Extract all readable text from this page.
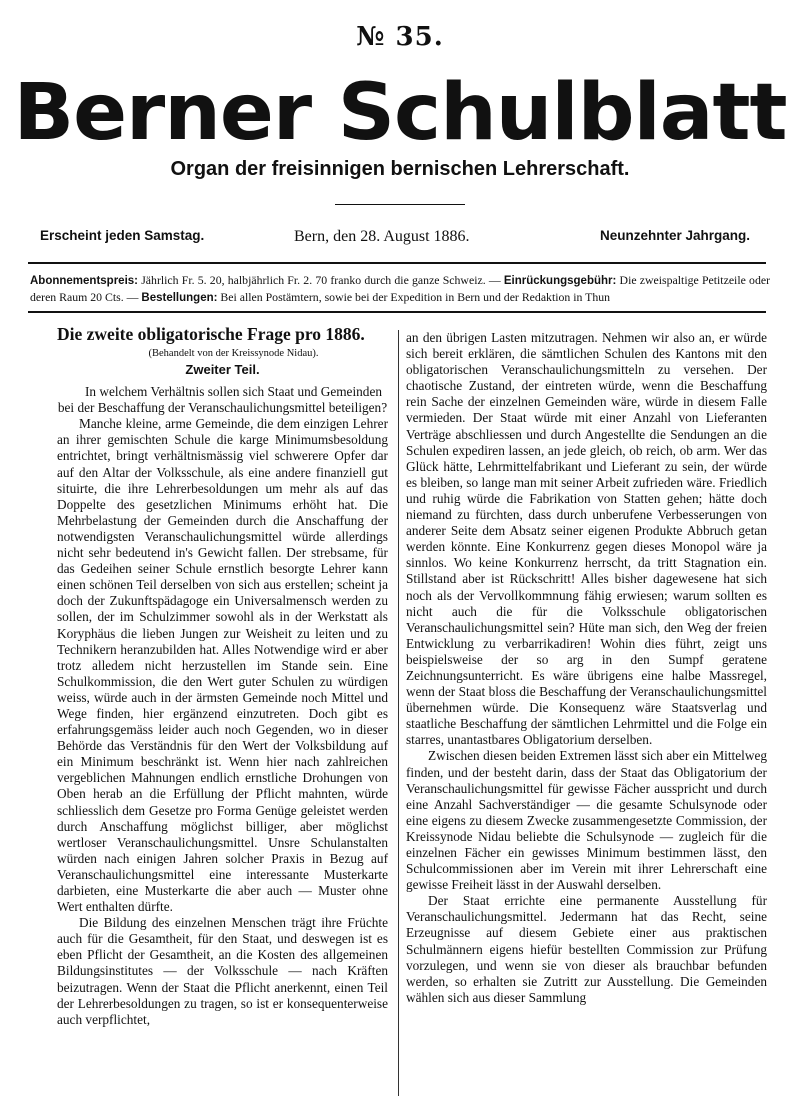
№ 35.
Berner Schulblatt
Organ der freisinnigen bernischen Lehrerschaft.
Erscheint jeden Samstag.	Bern, den 28. August 1886.	Neunzehnter Jahrgang.
Abonnementspreis: Jährlich Fr. 5. 20, halbjährlich Fr. 2. 70 franko durch die ganze Schweiz. — Einrückungsgebühr: Die zweispaltige Petitzeile oder deren Raum 20 Cts. — Bestellungen: Bei allen Postämtern, sowie bei der Expedition in Bern und der Redaktion in Thun
Die zweite obligatorische Frage pro 1886.

(Behandelt von der Kreissynode Nidau).

Zweiter Teil.

In welchem Verhältnis sollen sich Staat und Gemeinden bei der Beschaffung der Veranschaulichungsmittel beteiligen?

Manche kleine, arme Gemeinde, die dem einzigen Lehrer an ihrer gemischten Schule die karge Minimumsbesoldung entrichtet, bringt verhältnismässig viel schwerere Opfer dar auf den Altar der Volksschule, als eine andere finanziell gut situirte, die ihre Lehrerbesoldungen um mehr als auf das Doppelte des gesetzlichen Minimums erhöht hat. Die Mehrbelastung der Gemeinden durch die Anschaffung der notwendigsten Veranschaulichungsmittel würde allerdings nicht sehr bedeutend in's Gewicht fallen. Der strebsame, für das Gedeihen seiner Schule ernstlich besorgte Lehrer kann einen schönen Teil derselben von sich aus erstellen; scheint ja doch der Zukunftspädagoge ein Universalmensch werden zu sollen, der im Schulzimmer sowohl als in der Werkstatt als Koryphäus die lieben Jungen zur Weisheit zu leiten und zu Technikern heranzubilden hat. Alles Notwendige wird er aber trotz alledem nicht herzustellen im Stande sein. Eine Schulkommission, die den Wert guter Schulen zu würdigen weiss, würde auch in der ärmsten Gemeinde noch Mittel und Wege finden, hier ergänzend einzutreten. Doch gibt es erfahrungsgemäss leider auch noch Gegenden, wo in dieser Behörde das Verständnis für den Wert der Volksbildung auf ein Minimum beschränkt ist. Wenn hier nach zahlreichen vergeblichen Mahnungen endlich ernstliche Drohungen von Oben herab an die Erfüllung der Pflicht mahnten, würde schliesslich dem Gesetze pro Forma Genüge geleistet werden durch Anschaffung möglichst billiger, aber möglichst wertloser Veranschaulichungsmittel. Unsre Schulanstalten würden nach einigen Jahren solcher Praxis in Bezug auf Veranschaulichungsmittel eine interessante Musterkarte darbieten, eine Musterkarte die aber auch — Muster ohne Wert enthalten dürfte.

Die Bildung des einzelnen Menschen trägt ihre Früchte auch für die Gesamtheit, für den Staat, und deswegen ist es eben Pflicht der Gesamtheit, an die Kosten des allgemeinen Bildungsinstitutes — der Volksschule — nach Kräften beizutragen. Wenn der Staat die Pflicht anerkennt, einen Teil der Lehrerbesoldungen zu tragen, so ist er konsequenterweise auch verpflichtet,

an den übrigen Lasten mitzutragen. Nehmen wir also an, er würde sich bereit erklären, die sämtlichen Schulen des Kantons mit den obligatorischen Veranschaulichungsmitteln zu versehen. Der chaotische Zustand, der eintreten würde, wenn die Beschaffung rein Sache der einzelnen Gemeinden wäre, würde in diesem Falle vermieden. Der Staat würde mit einer Anzahl von Lieferanten Verträge abschliessen und durch Angestellte die Sendungen an die Schulen expediren lassen, an jede gleich, ob reich, ob arm. Wer das Glück hätte, Lehrmittelfabrikant und Lieferant zu sein, der würde es bleiben, so lange man mit seiner Arbeit zufrieden wäre. Friedlich und ruhig würde die Fabrikation von Statten gehen; hätte doch niemand zu fürchten, dass durch unberufene Verbesserungen von anderer Seite dem Absatz seiner eigenen Produkte Abbruch getan werden könnte. Eine Konkurrenz gegen dieses Monopol wäre ja sinnlos. Wo keine Konkurrenz herrscht, da tritt Stagnation ein. Stillstand aber ist Rückschritt! Alles bisher dagewesene hat sich noch als der Vervollkommnung fähig erwiesen; warum sollten es nicht auch die für die Volksschule obligatorischen Veranschaulichungsmittel sein? Hüte man sich, den Weg der freien Entwicklung zu verbarrikadiren! Wohin dies führt, zeigt uns beispielsweise der so arg in den Sumpf geratene Zeichnungsunterricht. Es wäre übrigens eine halbe Massregel, wenn der Staat bloss die Beschaffung der Veranschaulichungsmittel übernehmen würde. Die Konsequenz wäre Staatsverlag und staatliche Beschaffung der sämtlichen Lehrmittel und die Folge ein starres, unantastbares Obligatorium derselben.

Zwischen diesen beiden Extremen lässt sich aber ein Mittelweg finden, und der besteht darin, dass der Staat das Obligatorium der Veranschaulichungsmittel für gewisse Fächer ausspricht und durch eine Anzahl Sachverständiger — die gesamte Schulsynode oder eine eigens zu diesem Zwecke zusammengesetzte Commission, der Kreissynode Nidau beliebte die Schulsynode — zugleich für die einzelnen Fächer ein gewisses Minimum bestimmen lässt, den Schulcommissionen aber im Verein mit ihrer Lehrerschaft eine gewisse Freiheit lässt in der Auswahl derselben.

Der Staat errichte eine permanente Ausstellung für Veranschaulichungsmittel. Jedermann hat das Recht, seine Erzeugnisse auf diesem Gebiete einer aus praktischen Schulmännern eigens hiefür bestellten Commission zur Prüfung vorzulegen, und wenn sie von dieser als brauchbar befunden werden, so erhalten sie Zutritt zur Ausstellung. Die Gemeinden wählen sich aus dieser Sammlung
